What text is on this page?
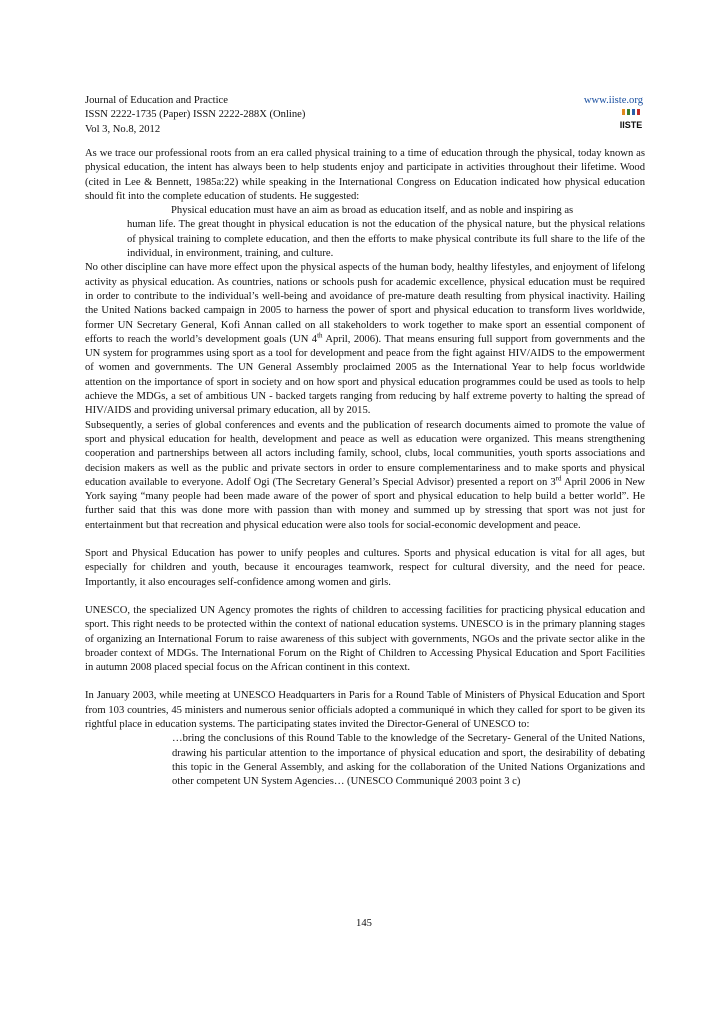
Journal of Education and Practice
ISSN 2222-1735 (Paper) ISSN 2222-288X (Online)
Vol 3, No.8, 2012
www.iiste.org
IISTE

As we trace our professional roots from an era called physical training to a time of education through the physical, today known as physical education, the intent has always been to help students enjoy and participate in activities throughout their lifetime. Wood (cited in Lee & Bennett, 1985a:22) while speaking in the International Congress on Education indicated how physical education should fit into the complete education of students. He suggested:

Physical education must have an aim as broad as education itself, and as noble and inspiring as
human life. The great thought in physical education is not the education of the physical nature, but the physical relations of physical training to complete education, and then the efforts to make physical contribute its full share to the life of the individual, in environment, training, and culture.

No other discipline can have more effect upon the physical aspects of the human body, healthy lifestyles, and enjoyment of lifelong activity as physical education. As countries, nations or schools push for academic excellence, physical education must be required in order to contribute to the individual’s well-being and avoidance of pre-mature death resulting from physical inactivity. Hailing the United Nations backed campaign in 2005 to harness the power of sport and physical education to transform lives worldwide, former UN Secretary General, Kofi Annan called on all stakeholders to work together to make sport an essential component of efforts to reach the world’s development goals (UN 4th April, 2006). That means ensuring full support from governments and the UN system for programmes using sport as a tool for development and peace from the fight against HIV/AIDS to the empowerment of women and governments. The UN General Assembly proclaimed 2005 as the International Year to help focus worldwide attention on the importance of sport in society and on how sport and physical education programmes could be used as tools to help achieve the MDGs, a set of ambitious UN - backed targets ranging from reducing by half extreme poverty to halting the spread of HIV/AIDS and providing universal primary education, all by 2015.

Subsequently, a series of global conferences and events and the publication of research documents aimed to promote the value of sport and physical education for health, development and peace as well as education were organized. This means strengthening cooperation and partnerships between all actors including family, school, clubs, local communities, youth sports associations and decision makers as well as the public and private sectors in order to ensure complementariness and to make sports and physical education available to everyone. Adolf Ogi (The Secretary General’s Special Advisor) presented a report on 3rd April 2006 in New York saying “many people had been made aware of the power of sport and physical education to help build a better world”. He further said that this was done more with passion than with money and summed up by stressing that sport was not just for entertainment but that recreation and physical education were also tools for social-economic development and peace.

Sport and Physical Education has power to unify peoples and cultures. Sports and physical education is vital for all ages, but especially for children and youth, because it encourages teamwork, respect for cultural diversity, and the need for peace. Importantly, it also encourages self-confidence among women and girls.

UNESCO, the specialized UN Agency promotes the rights of children to accessing facilities for practicing physical education and sport. This right needs to be protected within the context of national education systems. UNESCO is in the primary planning stages of organizing an International Forum to raise awareness of this subject with governments, NGOs and the private sector alike in the broader context of MDGs. The International Forum on the Right of Children to Accessing Physical Education and Sport Facilities in autumn 2008 placed special focus on the African continent in this context.

In January 2003, while meeting at UNESCO Headquarters in Paris for a Round Table of Ministers of Physical Education and Sport from 103 countries, 45 ministers and numerous senior officials adopted a communiqué in which they called for sport to be given its rightful place in education systems. The participating states invited the Director-General of UNESCO to:

…bring the conclusions of this Round Table to the knowledge of the Secretary- General of the United Nations, drawing his particular attention to the importance of physical education and sport, the desirability of debating this topic in the General Assembly, and asking for the collaboration of the United Nations Organizations and other competent UN System Agencies… (UNESCO Communiqué 2003 point 3 c)

145
